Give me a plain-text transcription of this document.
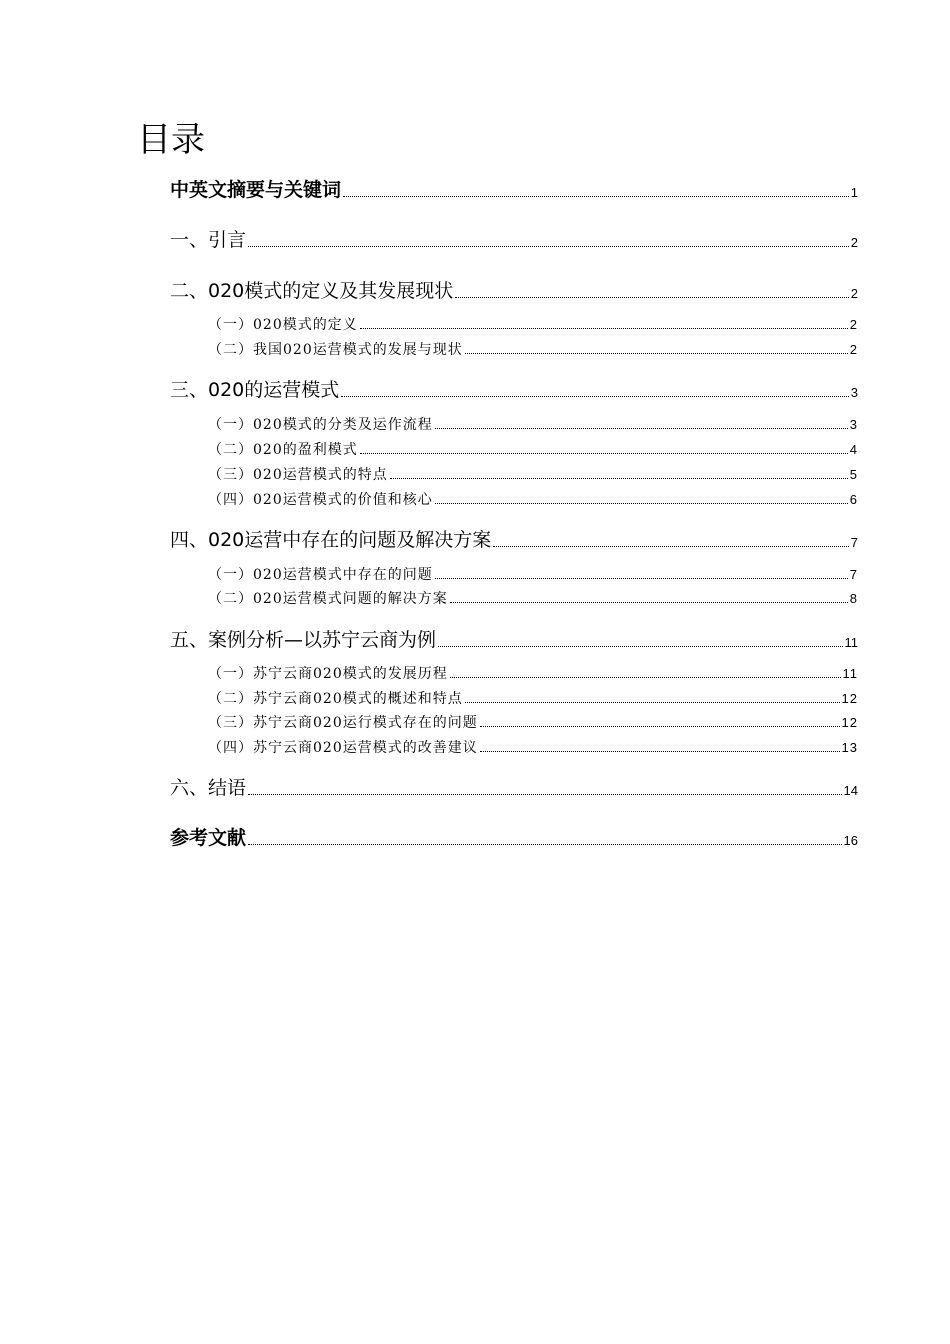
目录
中英文摘要与关键词	1
一、引言	2
二、020模式的定义及其发展现状	2
（一）020模式的定义	2
（二）我国020运营模式的发展与现状	2
三、020的运营模式	3
（一）020模式的分类及运作流程	3
（二）020的盈利模式	4
（三）020运营模式的特点	5
（四）020运营模式的价值和核心	6
四、020运营中存在的问题及解决方案	7
（一）020运营模式中存在的问题	7
（二）020运营模式问题的解决方案	8
五、案例分析—以苏宁云商为例	11
（一）苏宁云商020模式的发展历程	11
（二）苏宁云商020模式的概述和特点	12
（三）苏宁云商020运行模式存在的问题	12
（四）苏宁云商020运营模式的改善建议	13
六、结语	14
参考文献	16
